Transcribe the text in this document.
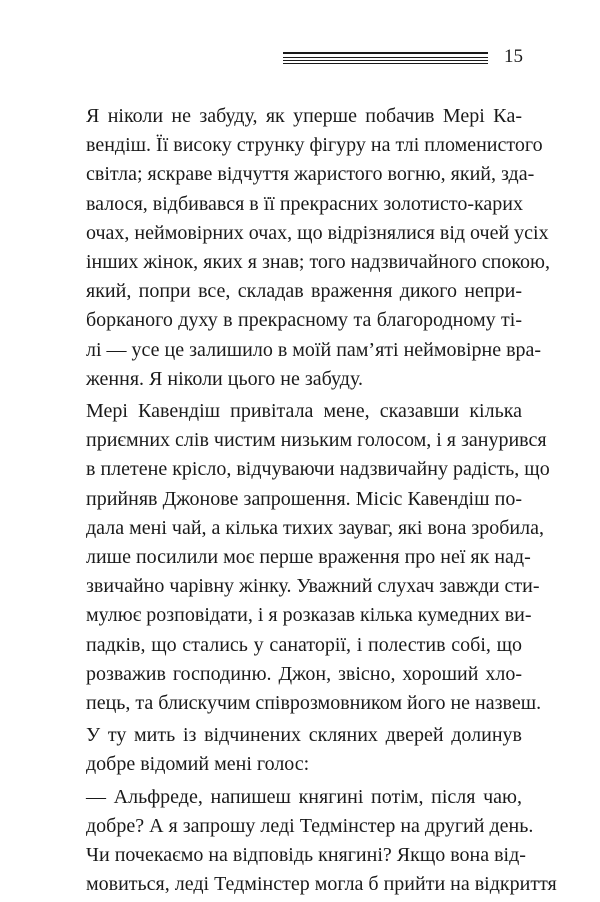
15
Я ніколи не забуду, як уперше побачив Мері Кa-
вендіш. Її високу струнку фігуру на тлі пломенистого
світла; яскраве відчуття жаристого вогню, який, зда-
валося, відбивався в її прекрасних золотисто-карих
очах, неймовірних очах, що відрізнялися від очей усіх
інших жінок, яких я знав; того надзвичайного спокою,
який, попри все, складав враження дикого непри-
борканого духу в прекрасному та благородному ті-
лі — усе це залишило в моїй пам’яті неймовірне вра-
ження. Я ніколи цього не забуду.
Мері Кавендіш привітала мене, сказавши кілька
приємних слів чистим низьким голосом, і я занурився
в плетене крісло, відчуваючи надзвичайну радість, що
прийняв Джонове запрошення. Місіс Кавендіш по-
дала мені чай, а кілька тихих зауваг, які вона зробила,
лише посилили моє перше враження про неї як над-
звичайно чарівну жінку. Уважний слухач завжди сти-
мулює розповідати, і я розказав кілька кумедних ви-
падків, що стались у санаторії, і полестив собі, що
розважив господиню. Джон, звісно, хороший хло-
пець, та блискучим співрозмовником його не назвеш.
У ту мить із відчинених скляних дверей долинув
добре відомий мені голос:
— Альфреде, напишеш княгині потім, після чаю,
добре? А я запрошу леді Тедмінстер на другий день.
Чи почекаємо на відповідь княгині? Якщо вона від-
мовиться, леді Тедмінстер могла б прийти на відкриття
